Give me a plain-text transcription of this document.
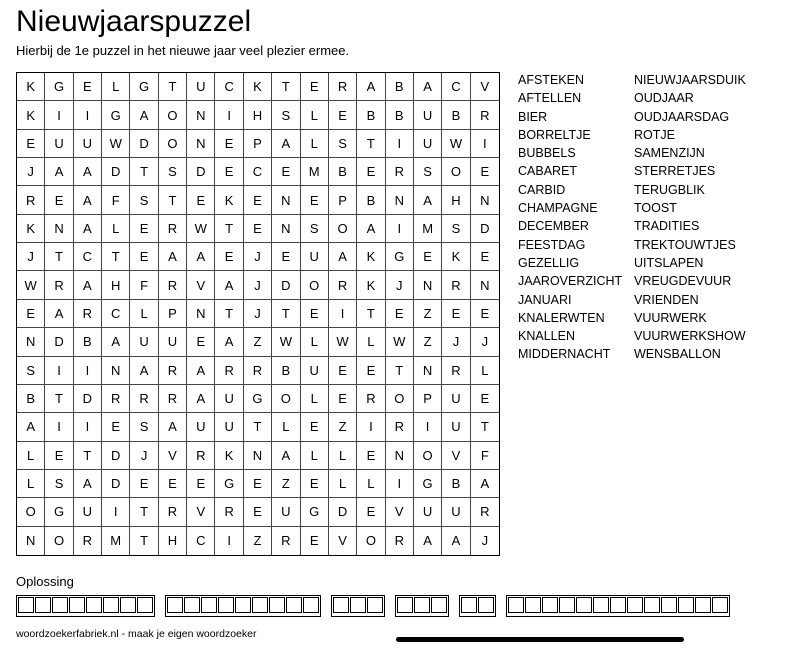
Nieuwjaarspuzzel
Hierbij de 1e puzzel in het nieuwe jaar veel plezier ermee.
K	G	E	L	G	T	U	C	K	T	E	R	A	B	A	C	V
K	I	I	G	A	O	N	I	H	S	L	E	B	B	U	B	R
E	U	U	W	D	O	N	E	P	A	L	S	T	I	U	W	I
J	A	A	D	T	S	D	E	C	E	M	B	E	R	S	O	E
R	E	A	F	S	T	E	K	E	N	E	P	B	N	A	H	N
K	N	A	L	E	R	W	T	E	N	S	O	A	I	M	S	D
J	T	C	T	E	A	A	E	J	E	U	A	K	G	E	K	E
W	R	A	H	F	R	V	A	J	D	O	R	K	J	N	R	N
E	A	R	C	L	P	N	T	J	T	E	I	T	E	Z	E	E
N	D	B	A	U	U	E	A	Z	W	L	W	L	W	Z	J	J
S	I	I	N	A	R	A	R	R	B	U	E	E	T	N	R	L
B	T	D	R	R	R	A	U	G	O	L	E	R	O	P	U	E
A	I	I	E	S	A	U	U	T	L	E	Z	I	R	I	U	T
L	E	T	D	J	V	R	K	N	A	L	L	E	N	O	V	F
L	S	A	D	E	E	E	G	E	Z	E	L	L	I	G	B	A
O	G	U	I	T	R	V	R	E	U	G	D	E	V	U	U	R
N	O	R	M	T	H	C	I	Z	R	E	V	O	R	A	A	J
AFSTEKEN
AFTELLEN
BIER
BORRELTJE
BUBBELS
CABARET
CARBID
CHAMPAGNE
DECEMBER
FEESTDAG
GEZELLIG
JAAROVERZICHT
JANUARI
KNALERWTEN
KNALLEN
MIDDERNACHT
NIEUWJAARSDUIK
OUDJAAR
OUDJAARSDAG
ROTJE
SAMENZIJN
STERRETJES
TERUGBLIK
TOOST
TRADITIES
TREKTOUWTJES
UITSLAPEN
VREUGDEVUUR
VRIENDEN
VUURWERK
VUURWERKSHOW
WENSBALLON
Oplossing
woordzoekerfabriek.nl - maak je eigen woordzoeker
